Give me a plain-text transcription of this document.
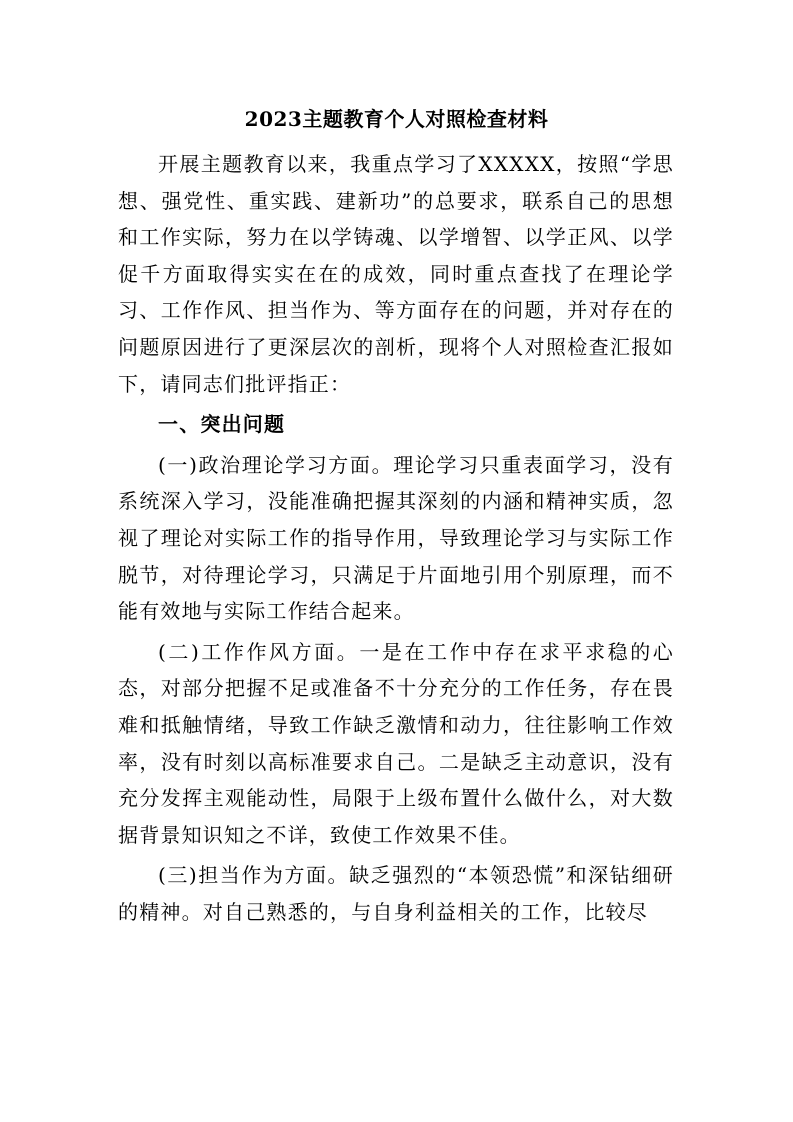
2023主题教育个人对照检查材料

开展主题教育以来，我重点学习了XXXXX，按照“学思想、强党性、重实践、建新功”的总要求，联系自己的思想和工作实际，努力在以学铸魂、以学增智、以学正风、以学促千方面取得实实在在的成效，同时重点查找了在理论学习、工作作风、担当作为、等方面存在的问题，并对存在的问题原因进行了更深层次的剖析，现将个人对照检查汇报如下，请同志们批评指正：

一、突出问题

(一)政治理论学习方面。理论学习只重表面学习，没有系统深入学习，没能准确把握其深刻的内涵和精神实质，忽视了理论对实际工作的指导作用，导致理论学习与实际工作脱节，对待理论学习，只满足于片面地引用个别原理，而不能有效地与实际工作结合起来。

(二)工作作风方面。一是在工作中存在求平求稳的心态，对部分把握不足或准备不十分充分的工作任务，存在畏难和抵触情绪，导致工作缺乏激情和动力，往往影响工作效率，没有时刻以高标准要求自己。二是缺乏主动意识，没有充分发挥主观能动性，局限于上级布置什么做什么，对大数据背景知识知之不详，致使工作效果不佳。

(三)担当作为方面。缺乏强烈的“本领恐慌”和深钻细研的精神。对自己熟悉的，与自身利益相关的工作，比较尽
